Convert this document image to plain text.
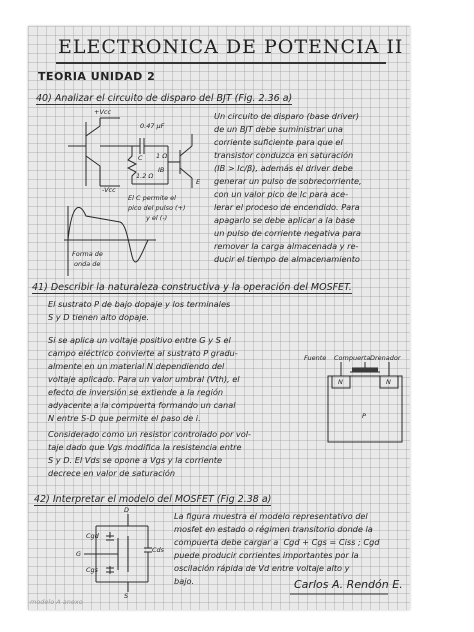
ELECTRONICA DE POTENCIA II
TEORIA UNIDAD 2
40) Analizar el circuito de disparo del BJT (Fig. 2.36 a)
+Vcc
-Vcc
0.47 µF
C
1.2 Ω
1 Ω
IB
E
El C permite el
pico del pulso (+)
y el (-)
Forma de
onda de
Un circuito de disparo (base driver)
de un BJT debe suministrar una
corriente suficiente para que el
transistor conduzca en saturación
(IB > Ic/β), además el driver debe
generar un pulso de sobrecorriente,
con un valor pico de Ic para ace-
lerar el proceso de encendido. Para
apagarlo se debe aplicar a la base
un pulso de corriente negativa para
remover la carga almacenada y re-
ducir el tiempo de almacenamiento
41) Describir la naturaleza constructiva y la operación del MOSFET.
El sustrato P de bajo dopaje y los terminales
S y D tienen alto dopaje.
Si se aplica un voltaje positivo entre G y S el
campo eléctrico convierte al sustrato P gradu-
almente en un material N dependiendo del
voltaje aplicado. Para un valor umbral (Vth), el
efecto de inversión se extiende a la región
adyacente a la compuerta formando un canal
N entre S-D que permite el paso de i.
Considerado como un resistor controlado por vol-
taje dado que Vgs modifica la resistencia entre
S y D. El Vds se opone a Vgs y la corriente
decrece en valor de saturación
Fuente Compuerta Drenador
N	N
P
42) Interpretar el modelo del MOSFET (Fig 2.38 a)
La figura muestra el modelo representativo del
mosfet en estado o régimen transitorio donde la
compuerta debe cargar a  Cgd + Cgs = Ciss ; Cgd
puede producir corrientes importantes por la
oscilación rápida de Vd entre voltaje alto y
bajo.
D
G
S
Cgd
Cgs
Cds
Carlos A. Rendón E.
modelo A anexo
